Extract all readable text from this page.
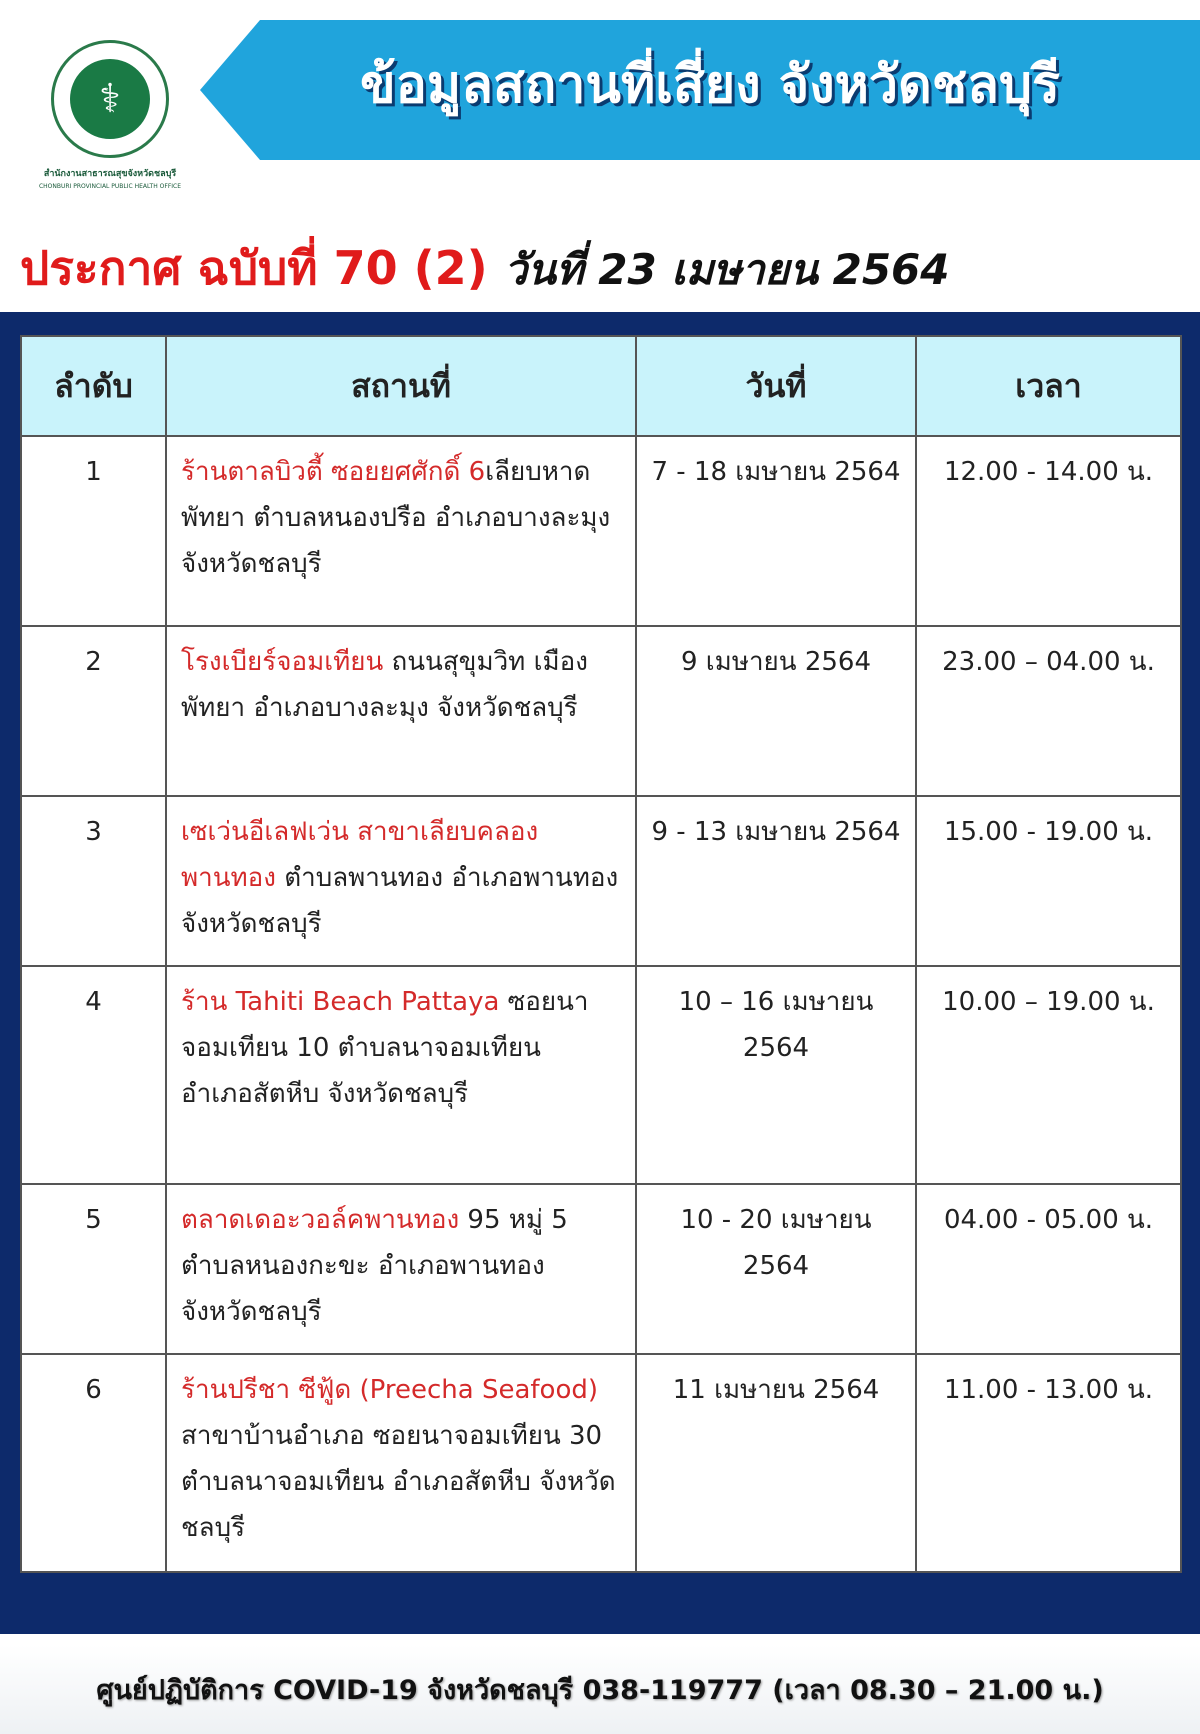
⚕
สำนักงานสาธารณสุขจังหวัดชลบุรี
CHONBURI PROVINCIAL PUBLIC HEALTH OFFICE
ข้อมูลสถานที่เสี่ยง จังหวัดชลบุรี
ประกาศ ฉบับที่ 70 (2) วันที่ 23 เมษายน 2564
ลำดับ	สถานที่	วันที่	เวลา
1	ร้านตาลบิวตี้ ซอยยศศักดิ์ 6เลียบหาดพัทยา ตำบลหนองปรือ อำเภอบางละมุง จังหวัดชลบุรี	7 - 18 เมษายน 2564	12.00 - 14.00 น.
2	โรงเบียร์จอมเทียน ถนนสุขุมวิท เมืองพัทยา อำเภอบางละมุง จังหวัดชลบุรี	9 เมษายน 2564	23.00 – 04.00 น.
3	เซเว่นอีเลฟเว่น สาขาเลียบคลองพานทอง ตำบลพานทอง อำเภอพานทอง จังหวัดชลบุรี	9 - 13 เมษายน 2564	15.00 - 19.00 น.
4	ร้าน Tahiti Beach Pattaya ซอยนาจอมเทียน 10 ตำบลนาจอมเทียน อำเภอสัตหีบ จังหวัดชลบุรี	10 – 16 เมษายน 2564	10.00 – 19.00 น.
5	ตลาดเดอะวอล์คพานทอง 95 หมู่ 5 ตำบลหนองกะขะ อำเภอพานทอง จังหวัดชลบุรี	10 - 20 เมษายน 2564	04.00 - 05.00 น.
6	ร้านปรีชา ซีฟู้ด (Preecha Seafood) สาขาบ้านอำเภอ ซอยนาจอมเทียน 30 ตำบลนาจอมเทียน อำเภอสัตหีบ จังหวัดชลบุรี	11 เมษายน 2564	11.00 - 13.00 น.
ศูนย์ปฏิบัติการ COVID-19 จังหวัดชลบุรี 038-119777 (เวลา 08.30 – 21.00 น.)
